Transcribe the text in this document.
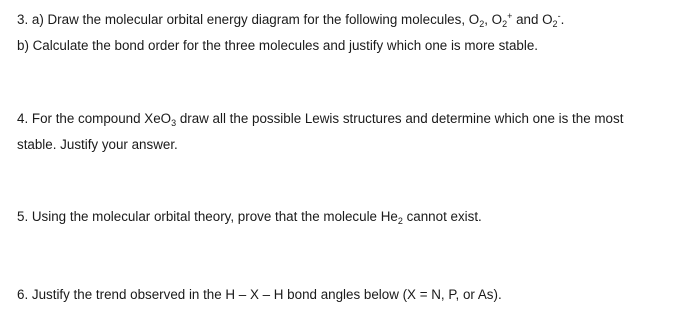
3. a) Draw the molecular orbital energy diagram for the following molecules, $O_2$, $O_2^+$ and $O_2^-$.
b) Calculate the bond order for the three molecules and justify which one is more stable.
4. For the compound XeO$_3$ draw all the possible Lewis structures and determine which one is the most
stable. Justify your answer.
5. Using the molecular orbital theory, prove that the molecule $He_2$ cannot exist.
6. Justify the trend observed in the H – X – H bond angles below (X = N, P, or As).
